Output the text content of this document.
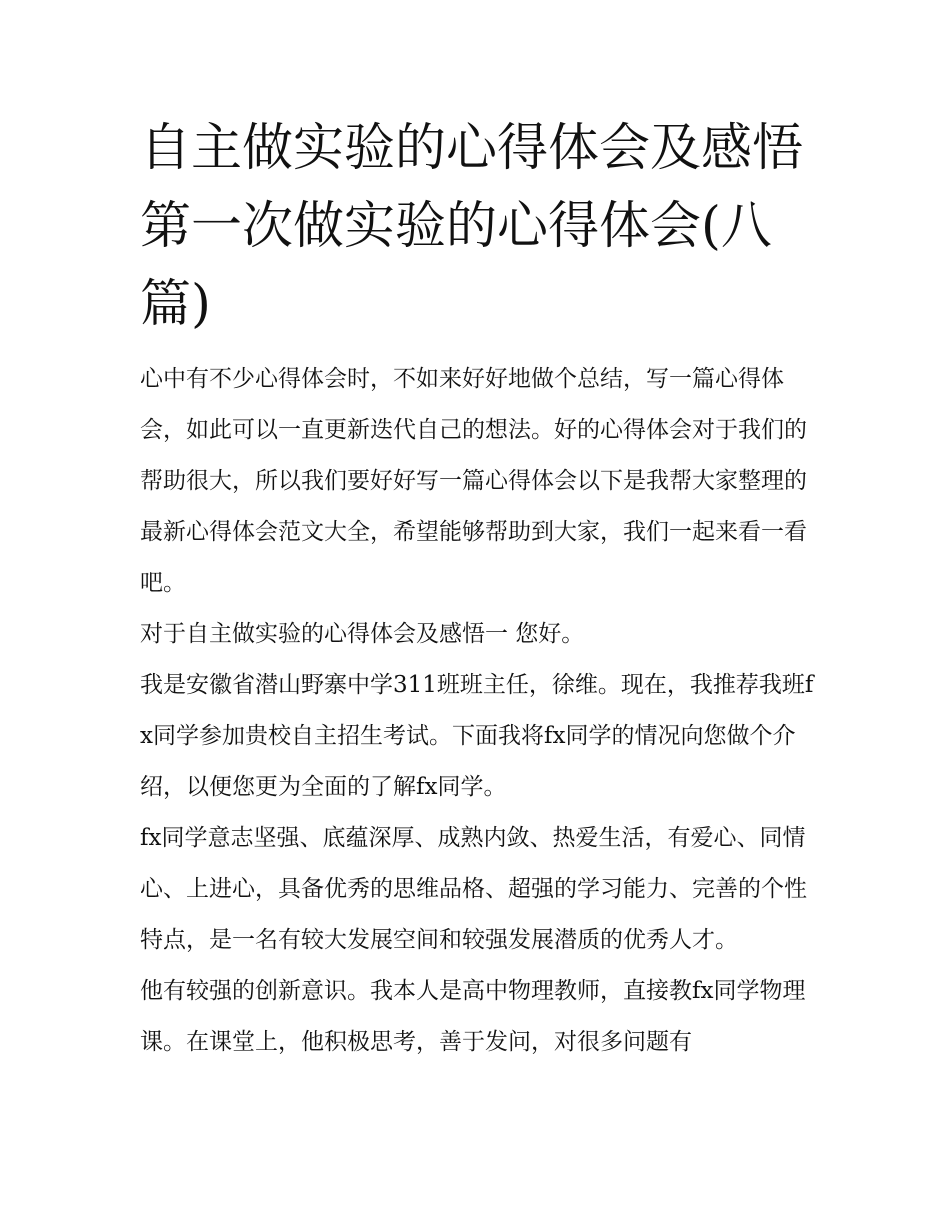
自主做实验的心得体会及感悟第一次做实验的心得体会(八篇)

心中有不少心得体会时，不如来好好地做个总结，写一篇心得体会，如此可以一直更新迭代自己的想法。好的心得体会对于我们的帮助很大，所以我们要好好写一篇心得体会以下是我帮大家整理的最新心得体会范文大全，希望能够帮助到大家，我们一起来看一看吧。

对于自主做实验的心得体会及感悟一 您好。

我是安徽省潜山野寨中学311班班主任，徐维。现在，我推荐我班fx同学参加贵校自主招生考试。下面我将fx同学的情况向您做个介绍，以便您更为全面的了解fx同学。

fx同学意志坚强、底蕴深厚、成熟内敛、热爱生活，有爱心、同情心、上进心，具备优秀的思维品格、超强的学习能力、完善的个性特点，是一名有较大发展空间和较强发展潜质的优秀人才。

他有较强的创新意识。我本人是高中物理教师，直接教fx同学物理课。在课堂上，他积极思考，善于发问，对很多问题有
